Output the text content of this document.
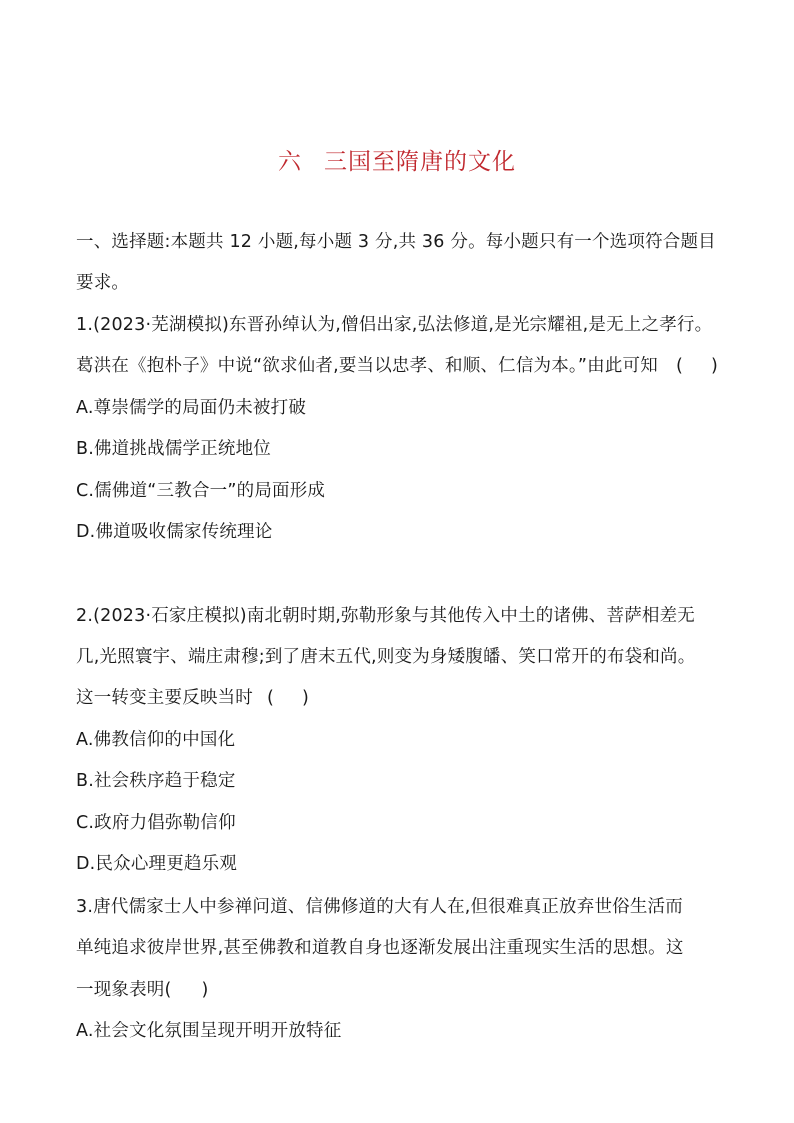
六 三国至隋唐的文化
一、选择题:本题共 12 小题,每小题 3 分,共 36 分。每小题只有一个选项符合题目
要求。
1.(2023·芜湖模拟)东晋孙绰认为,僧侣出家,弘法修道,是光宗耀祖,是无上之孝行。
葛洪在《抱朴子》中说“欲求仙者,要当以忠孝、和顺、仁信为本。”由此可知 ( )
A.尊崇儒学的局面仍未被打破
B.佛道挑战儒学正统地位
C.儒佛道“三教合一”的局面形成
D.佛道吸收儒家传统理论
2.(2023·石家庄模拟)南北朝时期,弥勒形象与其他传入中土的诸佛、菩萨相差无
几,光照寰宇、端庄肃穆;到了唐末五代,则变为身矮腹皤、笑口常开的布袋和尚。
这一转变主要反映当时 ( )
A.佛教信仰的中国化
B.社会秩序趋于稳定
C.政府力倡弥勒信仰
D.民众心理更趋乐观
3.唐代儒家士人中参禅问道、信佛修道的大有人在,但很难真正放弃世俗生活而
单纯追求彼岸世界,甚至佛教和道教自身也逐渐发展出注重现实生活的思想。这
一现象表明( )
A.社会文化氛围呈现开明开放特征
